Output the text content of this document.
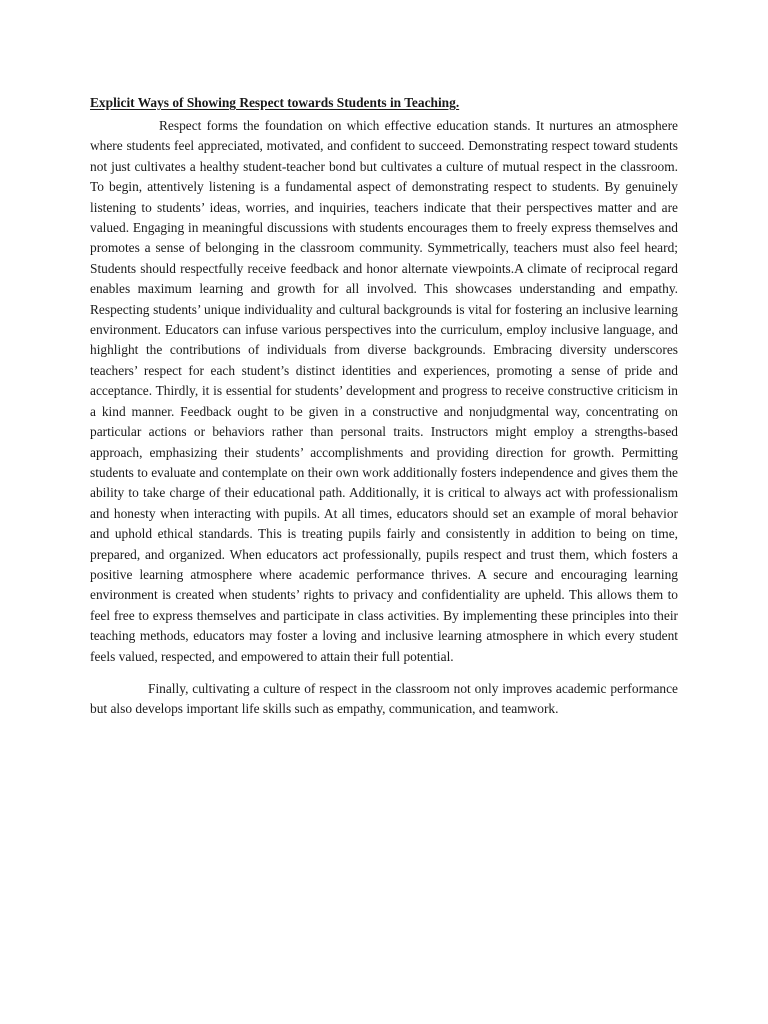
Explicit Ways of Showing Respect towards Students in Teaching.

Respect forms the foundation on which effective education stands. It nurtures an atmosphere where students feel appreciated, motivated, and confident to succeed. Demonstrating respect toward students not just cultivates a healthy student-teacher bond but cultivates a culture of mutual respect in the classroom. To begin, attentively listening is a fundamental aspect of demonstrating respect to students. By genuinely listening to students’ ideas, worries, and inquiries, teachers indicate that their perspectives matter and are valued. Engaging in meaningful discussions with students encourages them to freely express themselves and promotes a sense of belonging in the classroom community. Symmetrically, teachers must also feel heard; Students should respectfully receive feedback and honor alternate viewpoints.A climate of reciprocal regard enables maximum learning and growth for all involved. This showcases understanding and empathy. Respecting students’ unique individuality and cultural backgrounds is vital for fostering an inclusive learning environment. Educators can infuse various perspectives into the curriculum, employ inclusive language, and highlight the contributions of individuals from diverse backgrounds. Embracing diversity underscores teachers’ respect for each student’s distinct identities and experiences, promoting a sense of pride and acceptance. Thirdly, it is essential for students’ development and progress to receive constructive criticism in a kind manner. Feedback ought to be given in a constructive and nonjudgmental way, concentrating on particular actions or behaviors rather than personal traits. Instructors might employ a strengths-based approach, emphasizing their students’ accomplishments and providing direction for growth. Permitting students to evaluate and contemplate on their own work additionally fosters independence and gives them the ability to take charge of their educational path. Additionally, it is critical to always act with professionalism and honesty when interacting with pupils. At all times, educators should set an example of moral behavior and uphold ethical standards. This is treating pupils fairly and consistently in addition to being on time, prepared, and organized. When educators act professionally, pupils respect and trust them, which fosters a positive learning atmosphere where academic performance thrives. A secure and encouraging learning environment is created when students’ rights to privacy and confidentiality are upheld. This allows them to feel free to express themselves and participate in class activities. By implementing these principles into their teaching methods, educators may foster a loving and inclusive learning atmosphere in which every student feels valued, respected, and empowered to attain their full potential.

Finally, cultivating a culture of respect in the classroom not only improves academic performance but also develops important life skills such as empathy, communication, and teamwork.
